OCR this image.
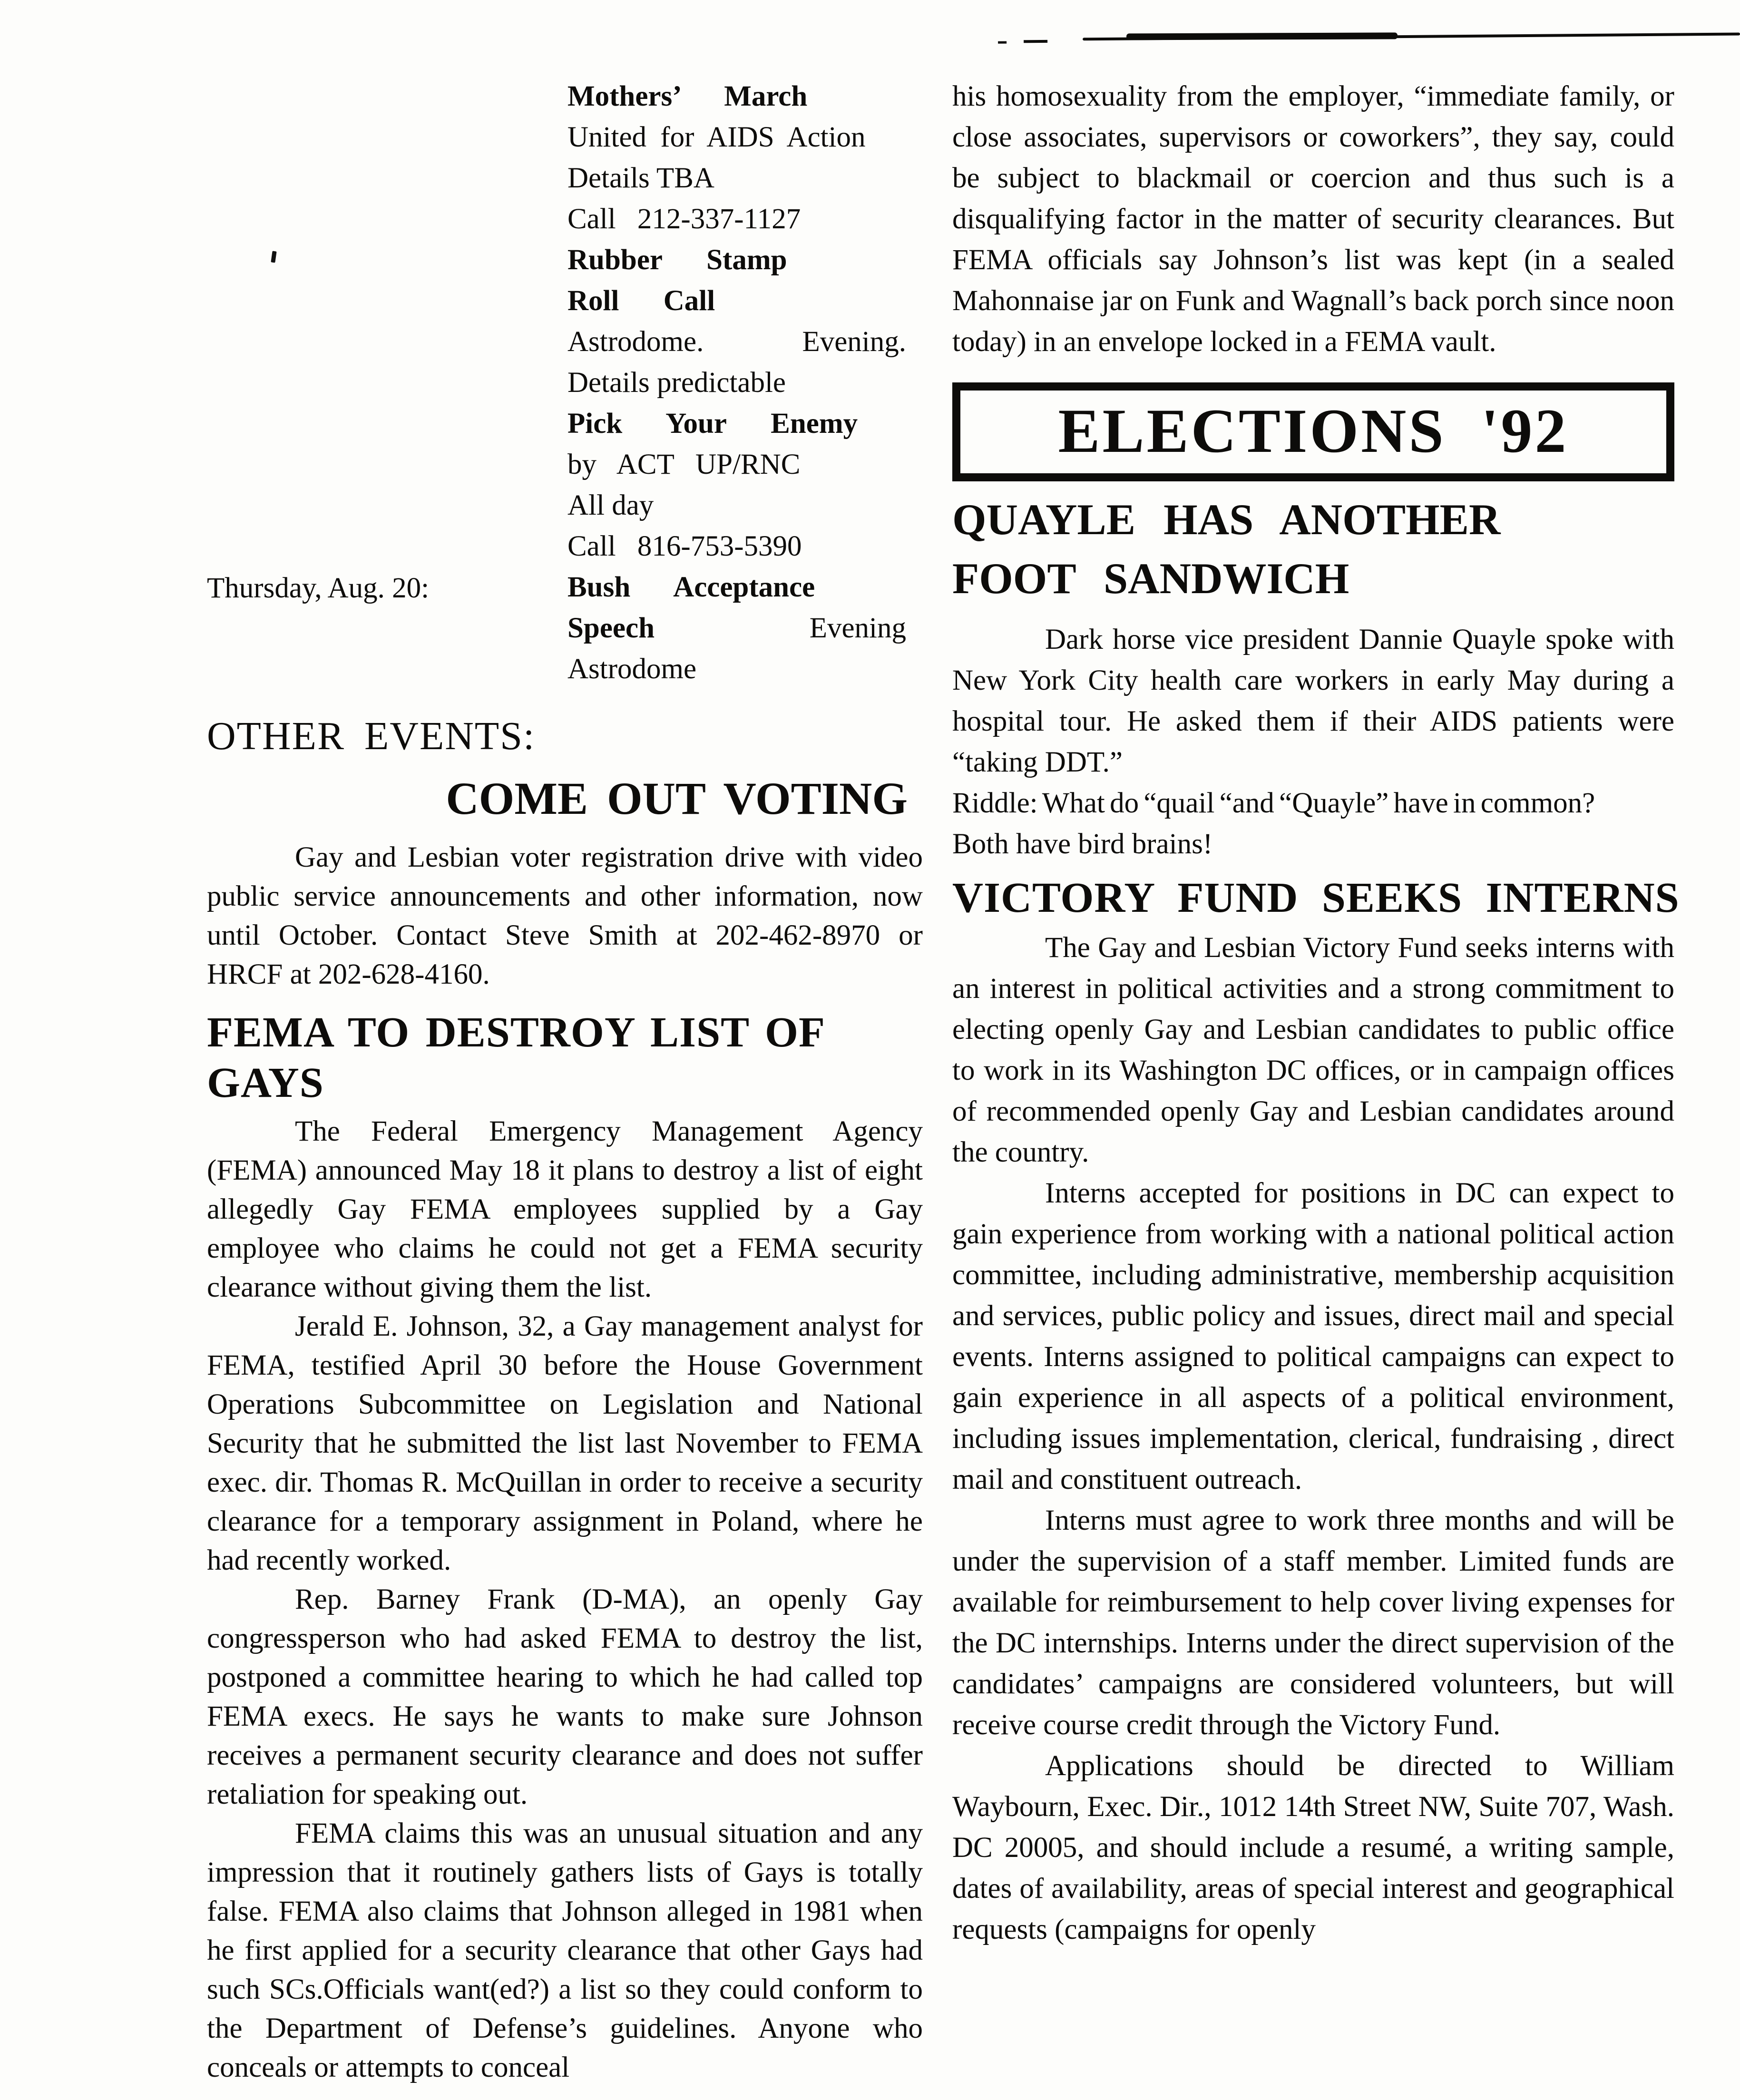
Thursday, Aug. 20:
Mothers’ March
United for AIDS Action
Details TBA
Call 212-337-1127
Rubber Stamp
Roll Call
Astrodome.	Evening.
Details predictable
Pick Your Enemy
by ACT UP/RNC
All day
Call 816-753-5390
Bush Acceptance
Speech	Evening
Astrodome
OTHER EVENTS:
COME OUT VOTING
Gay and Lesbian voter registration drive with video public service announcements and other information, now until October. Contact Steve Smith at 202-462-8970 or HRCF at 202-628-4160.
FEMA TO DESTROY LIST OF GAYS
The Federal Emergency Management Agency (FEMA) announced May 18 it plans to destroy a list of eight allegedly Gay FEMA employees supplied by a Gay employee who claims he could not get a FEMA security clearance without giving them the list.
Jerald E. Johnson, 32, a Gay management analyst for FEMA, testified April 30 before the House Government Operations Subcommittee on Legislation and National Security that he submitted the list last November to FEMA exec. dir. Thomas R. McQuillan in order to receive a security clearance for a temporary assignment in Poland, where he had recently worked.
Rep. Barney Frank (D-MA), an openly Gay congressperson who had asked FEMA to destroy the list, postponed a committee hearing to which he had called top FEMA execs. He says he wants to make sure Johnson receives a permanent security clearance and does not suffer retaliation for speaking out.
FEMA claims this was an unusual situation and any impression that it routinely gathers lists of Gays is totally false. FEMA also claims that Johnson alleged in 1981 when he first applied for a security clearance that other Gays had such SCs.Officials want(ed?) a list so they could conform to the Department of Defense’s guidelines. Anyone who conceals or attempts to conceal
his homosexuality from the employer, “immediate family, or close associates, supervisors or coworkers”, they say, could be subject to blackmail or coercion and thus such is a disqualifying factor in the matter of security clearances. But FEMA officials say Johnson’s list was kept (in a sealed Mahonnaise jar on Funk and Wagnall’s back porch since noon today) in an envelope locked in a FEMA vault.
ELECTIONS '92
QUAYLE HAS ANOTHER
FOOT SANDWICH
Dark horse vice president Dannie Quayle spoke with New York City health care workers in early May during a hospital tour. He asked them if their AIDS patients were “taking DDT.”
Riddle: What do “quail “and “Quayle” have in common?
Both have bird brains!
VICTORY FUND SEEKS INTERNS
The Gay and Lesbian Victory Fund seeks interns with an interest in political activities and a strong commitment to electing openly Gay and Lesbian candidates to public office to work in its Washington DC offices, or in campaign offices of recommended openly Gay and Lesbian candidates around the country.
Interns accepted for positions in DC can expect to gain experience from working with a national political action committee, including administrative, membership acquisition and services, public policy and issues, direct mail and special events. Interns assigned to political campaigns can expect to gain experience in all aspects of a political environment, including issues implementation, clerical, fundraising , direct mail and constituent outreach.
Interns must agree to work three months and will be under the supervision of a staff member. Limited funds are available for reimbursement to help cover living expenses for the DC internships. Interns under the direct supervision of the candidates’ campaigns are considered volunteers, but will receive course credit through the Victory Fund.
Applications should be directed to William Waybourn, Exec. Dir., 1012 14th Street NW, Suite 707, Wash. DC 20005, and should include a resumé, a writing sample, dates of availability, areas of special interest and geographical requests (campaigns for openly
